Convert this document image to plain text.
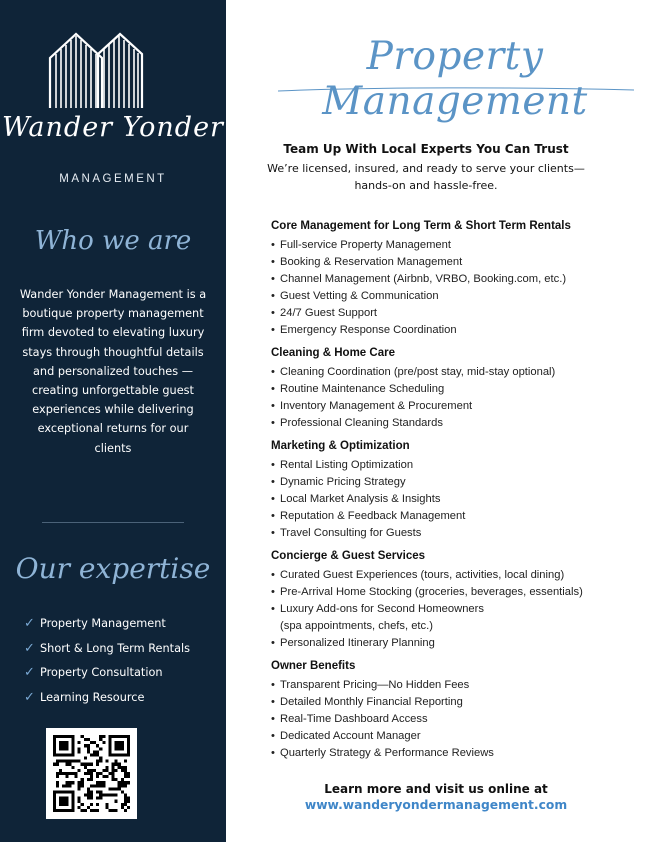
Wander Yonder
MANAGEMENT
Who we are
Wander Yonder Management is a boutique property management firm devoted to elevating luxury stays through thoughtful details and personalized touches — creating unforgettable guest experiences while delivering exceptional returns for our clients
Our expertise
✓ Property Management
✓ Short & Long Term Rentals
✓ Property Consultation
✓ Learning Resource
Property Management
Team Up With Local Experts You Can Trust
We’re licensed, insured, and ready to serve your clients— hands-on and hassle-free.
Core Management for Long Term & Short Term Rentals
• Full-service Property Management
• Booking & Reservation Management
• Channel Management (Airbnb, VRBO, Booking.com, etc.)
• Guest Vetting & Communication
• 24/7 Guest Support
• Emergency Response Coordination
Cleaning & Home Care
• Cleaning Coordination (pre/post stay, mid-stay optional)
• Routine Maintenance Scheduling
• Inventory Management & Procurement
• Professional Cleaning Standards
Marketing & Optimization
• Rental Listing Optimization
• Dynamic Pricing Strategy
• Local Market Analysis & Insights
• Reputation & Feedback Management
• Travel Consulting for Guests
Concierge & Guest Services
• Curated Guest Experiences (tours, activities, local dining)
• Pre-Arrival Home Stocking (groceries, beverages, essentials)
• Luxury Add-ons for Second Homeowners
(spa appointments, chefs, etc.)
• Personalized Itinerary Planning
Owner Benefits
• Transparent Pricing—No Hidden Fees
• Detailed Monthly Financial Reporting
• Real-Time Dashboard Access
• Dedicated Account Manager
• Quarterly Strategy & Performance Reviews
Learn more and visit us online at
www.wanderyondermanagement.com
